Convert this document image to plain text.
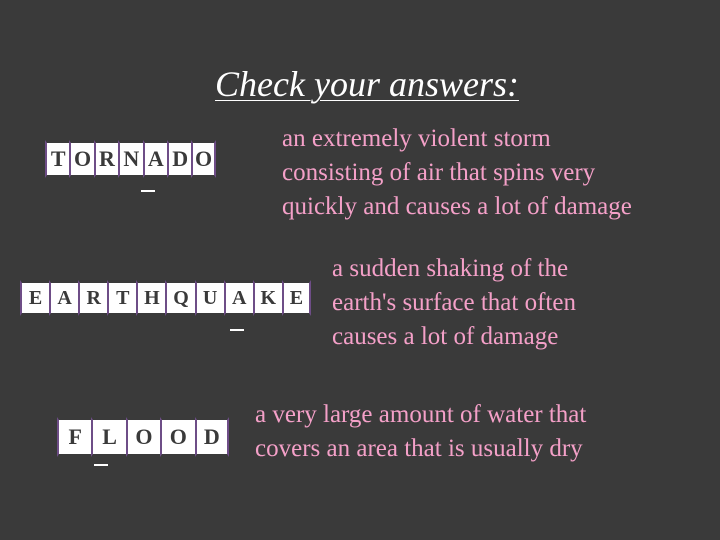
Check your answers:
T O R N A D O
an extremely violent storm
consisting of air that spins very
quickly and causes a lot of damage
E A R T H Q U A K E
a sudden shaking of the
earth's surface that often
causes a lot of damage
F L O O D
a very large amount of water that
covers an area that is usually dry
